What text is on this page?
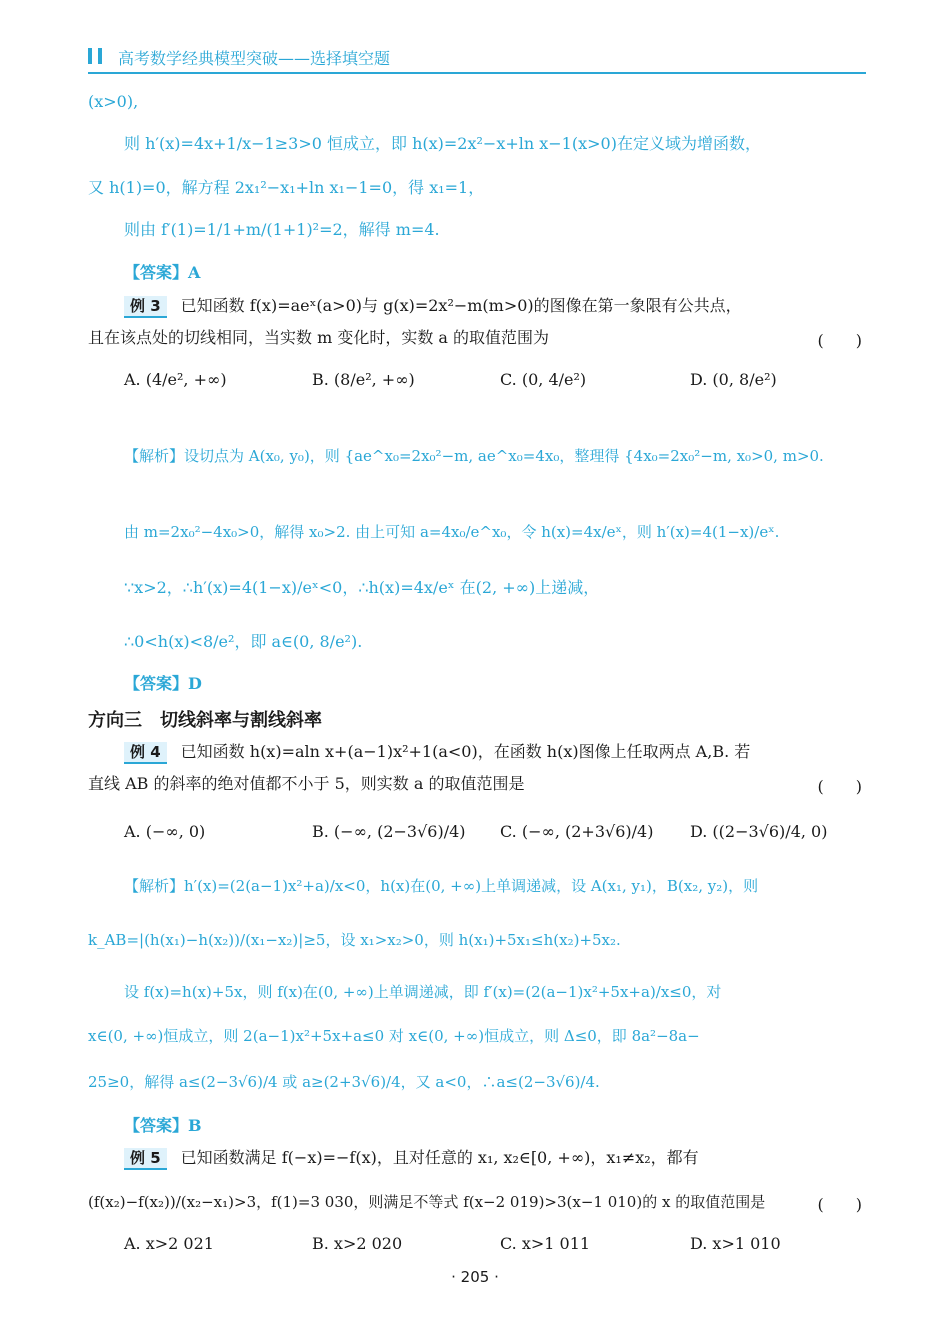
高考数学经典模型突破——选择填空题
(x>0),
则 h′(x)=4x+1/x−1≥3>0 恒成立，即 h(x)=2x²−x+ln x−1(x>0)在定义域为增函数，
又 h(1)=0，解方程 2x₁²−x₁+ln x₁−1=0，得 x₁=1，
则由 f′(1)=1/1+m/(1+1)²=2，解得 m=4.
【答案】A
例 3 已知函数 f(x)=aeˣ(a>0)与 g(x)=2x²−m(m>0)的图像在第一象限有公共点，
且在该点处的切线相同，当实数 m 变化时，实数 a 的取值范围为	(　　)
A. (4/e², +∞)	B. (8/e², +∞)	C. (0, 4/e²)	D. (0, 8/e²)
【解析】设切点为 A(x₀, y₀)，则 {ae^x₀=2x₀²−m, ae^x₀=4x₀，整理得 {4x₀=2x₀²−m, x₀>0, m>0.
由 m=2x₀²−4x₀>0，解得 x₀>2. 由上可知 a=4x₀/e^x₀，令 h(x)=4x/eˣ，则 h′(x)=4(1−x)/eˣ.
∵x>2，∴h′(x)=4(1−x)/eˣ<0，∴h(x)=4x/eˣ 在(2, +∞)上递减，
∴0<h(x)<8/e²，即 a∈(0, 8/e²).
【答案】D
方向三　切线斜率与割线斜率
例 4 已知函数 h(x)=aln x+(a−1)x²+1(a<0)，在函数 h(x)图像上任取两点 A,B. 若
直线 AB 的斜率的绝对值都不小于 5，则实数 a 的取值范围是	(　　)
A. (−∞, 0)	B. (−∞, (2−3√6)/4) C. (−∞, (2+3√6)/4) D. ((2−3√6)/4, 0)
【解析】h′(x)=(2(a−1)x²+a)/x<0，h(x)在(0, +∞)上单调递减，设 A(x₁, y₁)，B(x₂, y₂)，则
k_AB=|(h(x₁)−h(x₂))/(x₁−x₂)|≥5，设 x₁>x₂>0，则 h(x₁)+5x₁≤h(x₂)+5x₂.
设 f(x)=h(x)+5x，则 f(x)在(0, +∞)上单调递减，即 f′(x)=(2(a−1)x²+5x+a)/x≤0，对
x∈(0, +∞)恒成立，则 2(a−1)x²+5x+a≤0 对 x∈(0, +∞)恒成立，则 Δ≤0，即 8a²−8a−
25≥0，解得 a≤(2−3√6)/4 或 a≥(2+3√6)/4，又 a<0，∴a≤(2−3√6)/4.
【答案】B
例 5 已知函数满足 f(−x)=−f(x)，且对任意的 x₁, x₂∈[0, +∞)，x₁≠x₂，都有
(f(x₂)−f(x₂))/(x₂−x₁)>3，f(1)=3 030，则满足不等式 f(x−2 019)>3(x−1 010)的 x 的取值范围是	(　　)
A. x>2 021	B. x>2 020	C. x>1 011	D. x>1 010
· 205 ·
